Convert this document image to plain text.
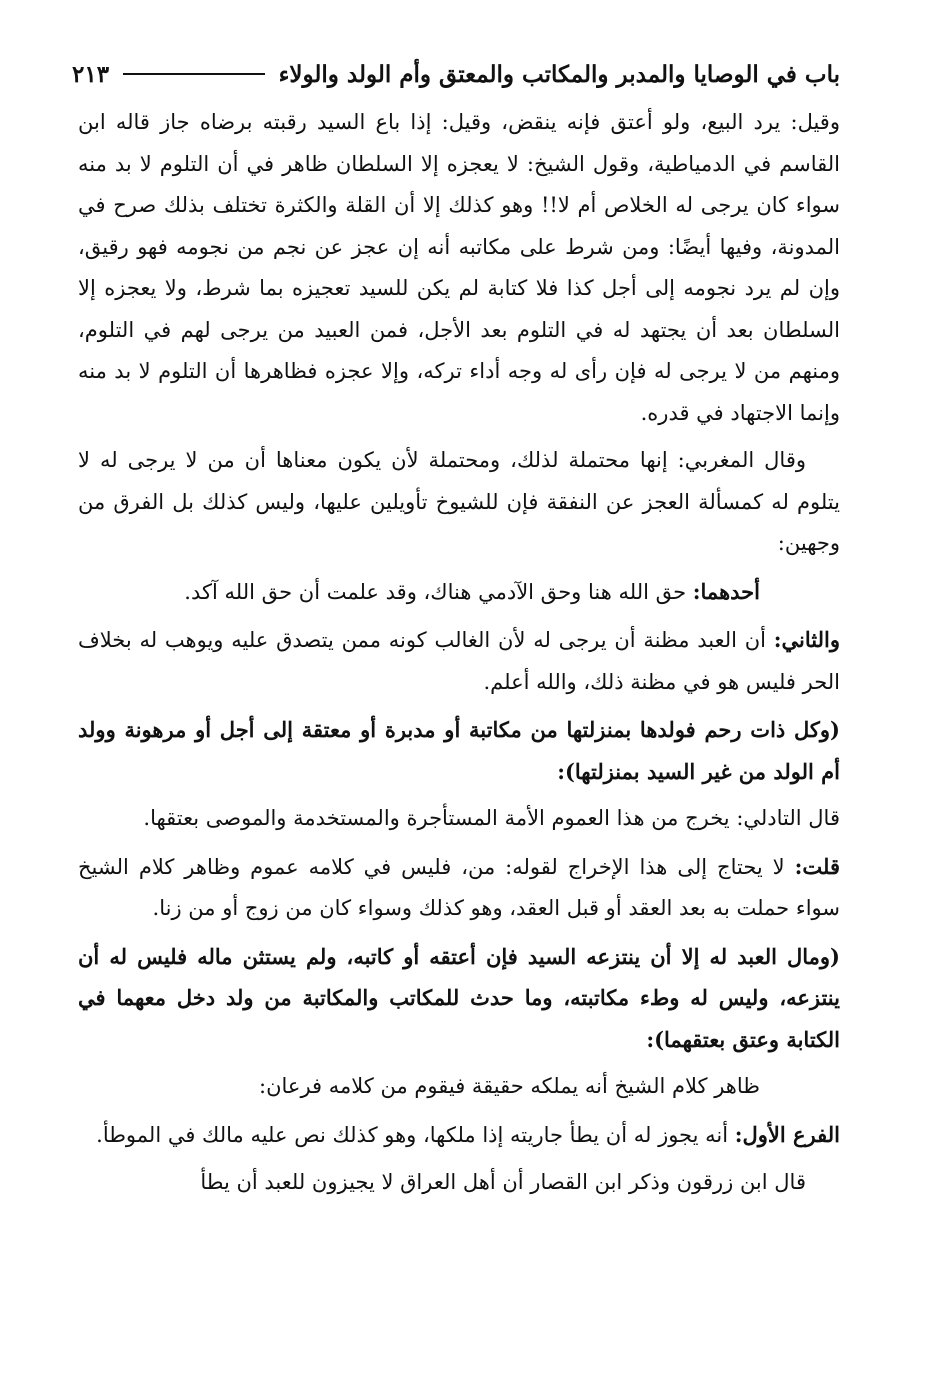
باب في الوصايا والمدبر والمكاتب والمعتق وأم الولد والولاء
٢١٣

وقيل: يرد البيع، ولو أعتق فإنه ينقض، وقيل: إذا باع السيد رقبته برضاه جاز قاله ابن القاسم في الدمياطية، وقول الشيخ: لا يعجزه إلا السلطان ظاهر في أن التلوم لا بد منه سواء كان يرجى له الخلاص أم لا!! وهو كذلك إلا أن القلة والكثرة تختلف بذلك صرح في المدونة، وفيها أيضًا: ومن شرط على مكاتبه أنه إن عجز عن نجم من نجومه فهو رقيق، وإن لم يرد نجومه إلى أجل كذا فلا كتابة لم يكن للسيد تعجيزه بما شرط، ولا يعجزه إلا السلطان بعد أن يجتهد له في التلوم بعد الأجل، فمن العبيد من يرجى لهم في التلوم، ومنهم من لا يرجى له فإن رأى له وجه أداء تركه، وإلا عجزه فظاهرها أن التلوم لا بد منه وإنما الاجتهاد في قدره.

وقال المغربي: إنها محتملة لذلك، ومحتملة لأن يكون معناها أن من لا يرجى له لا يتلوم له كمسألة العجز عن النفقة فإن للشيوخ تأويلين عليها، وليس كذلك بل الفرق من وجهين:

أحدهما: حق الله هنا وحق الآدمي هناك، وقد علمت أن حق الله آكد.

والثاني: أن العبد مظنة أن يرجى له لأن الغالب كونه ممن يتصدق عليه ويوهب له بخلاف الحر فليس هو في مظنة ذلك، والله أعلم.

(وكل ذات رحم فولدها بمنزلتها من مكاتبة أو مدبرة أو معتقة إلى أجل أو مرهونة وولد أم الولد من غير السيد بمنزلتها):

قال التادلي: يخرج من هذا العموم الأمة المستأجرة والمستخدمة والموصى بعتقها.

قلت: لا يحتاج إلى هذا الإخراج لقوله: من، فليس في كلامه عموم وظاهر كلام الشيخ سواء حملت به بعد العقد أو قبل العقد، وهو كذلك وسواء كان من زوج أو من زنا.

(ومال العبد له إلا أن ينتزعه السيد فإن أعتقه أو كاتبه، ولم يستثن ماله فليس له أن ينتزعه، وليس له وطء مكاتبته، وما حدث للمكاتب والمكاتبة من ولد دخل معهما في الكتابة وعتق بعتقهما):

ظاهر كلام الشيخ أنه يملكه حقيقة فيقوم من كلامه فرعان:

الفرع الأول: أنه يجوز له أن يطأ جاريته إذا ملكها، وهو كذلك نص عليه مالك في الموطأ.

قال ابن زرقون وذكر ابن القصار أن أهل العراق لا يجيزون للعبد أن يطأ
